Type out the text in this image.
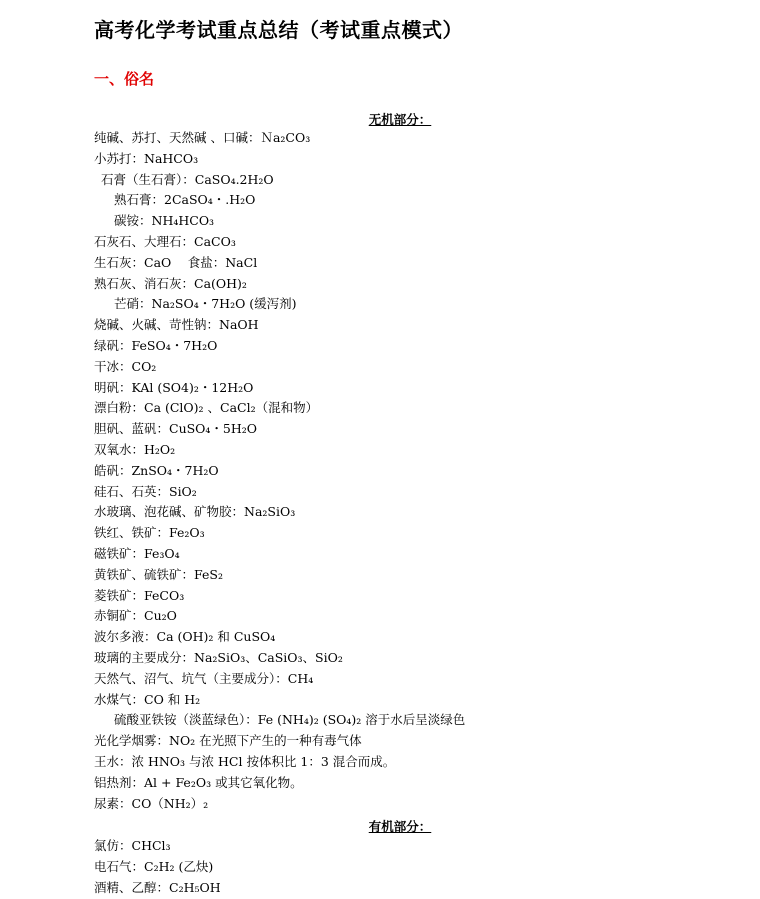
高考化学考试重点总结（考试重点模式）
一、俗名
无机部分：
纯碱、苏打、天然碱 、口碱：Ｎa₂CO₃
小苏打：NaHCO₃
石膏（生石膏）：CaSO₄.2H₂O
熟石膏：2CaSO₄・.H₂O
碳铵：NH₄HCO₃
石灰石、大理石：CaCO₃
生石灰：CaO　 食盐：NaCl
熟石灰、消石灰：Ca(OH)₂
芒硝：Na₂SO₄・7H₂O (缓泻剂)
烧碱、火碱、苛性钠：NaOH
绿矾：FeSO₄・7H₂O
干冰：CO₂
明矾：KAl (SO4)₂・12H₂O
漂白粉：Ca (ClO)₂ 、CaCl₂（混和物）
胆矾、蓝矾：CuSO₄・5H₂O
双氧水：H₂O₂
皓矾：ZnSO₄・7H₂O
硅石、石英：SiO₂
水玻璃、泡花碱、矿物胶：Na₂SiO₃
铁红、铁矿：Fe₂O₃
磁铁矿：Fe₃O₄
黄铁矿、硫铁矿：FeS₂
菱铁矿：FeCO₃
赤铜矿：Cu₂O
波尔多液：Ca (OH)₂ 和 CuSO₄
玻璃的主要成分：Na₂SiO₃、CaSiO₃、SiO₂
天然气、沼气、坑气（主要成分）：CH₄
水煤气：CO 和 H₂
硫酸亚铁铵（淡蓝绿色）：Fe (NH₄)₂ (SO₄)₂ 溶于水后呈淡绿色
光化学烟雾：NO₂ 在光照下产生的一种有毒气体
王水：浓 HNO₃ 与浓 HCl 按体积比 1：3 混合而成。
铝热剂：Al + Fe₂O₃ 或其它氧化物。
尿素：CO（NH₂）₂
有机部分：
氯仿：CHCl₃
电石气：C₂H₂ (乙炔)
酒精、乙醇：C₂H₅OH
